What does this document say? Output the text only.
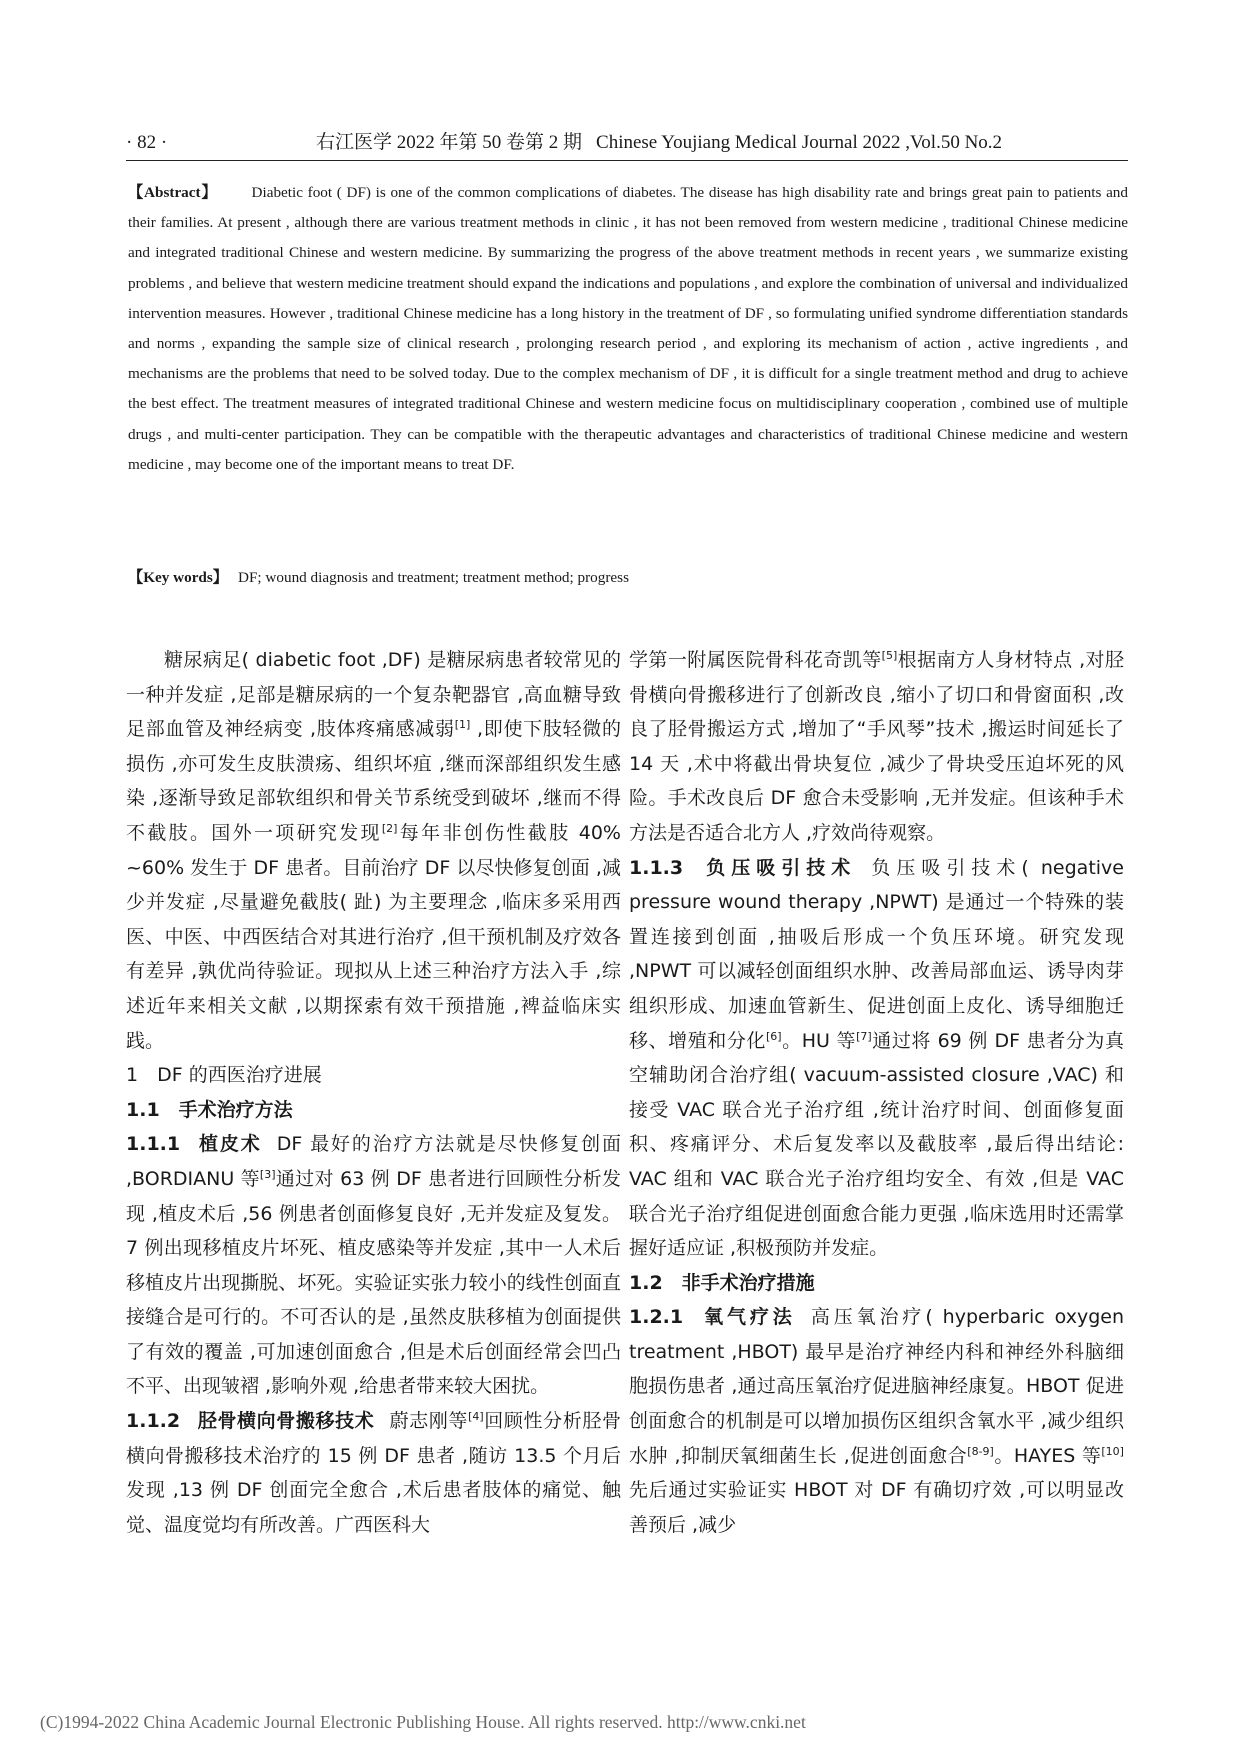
· 82 ·	右江医学 2022 年第 50 卷第 2 期 Chinese Youjiang Medical Journal 2022 ,Vol.50 No.2
【Abstract】 Diabetic foot ( DF) is one of the common complications of diabetes. The disease has high disability rate and brings great pain to patients and their families. At present , although there are various treatment methods in clinic , it has not been removed from western medicine , traditional Chinese medicine and integrated traditional Chinese and western medicine. By summarizing the progress of the above treatment methods in recent years , we summarize existing problems , and believe that western medicine treatment should expand the indications and populations , and explore the combination of universal and individualized intervention measures. However , traditional Chinese medicine has a long history in the treatment of DF , so formulating unified syndrome differentiation standards and norms , expanding the sample size of clinical research , prolonging research period , and exploring its mechanism of action , active ingredients , and mechanisms are the problems that need to be solved today. Due to the complex mechanism of DF , it is difficult for a single treatment method and drug to achieve the best effect. The treatment measures of integrated traditional Chinese and western medicine focus on multidisciplinary cooperation , combined use of multiple drugs , and multi-center participation. They can be compatible with the therapeutic advantages and characteristics of traditional Chinese medicine and western medicine , may become one of the important means to treat DF.
【Key words】 DF; wound diagnosis and treatment; treatment method; progress

糖尿病足( diabetic foot ,DF) 是糖尿病患者较常见的一种并发症 ,足部是糖尿病的一个复杂靶器官 ,高血糖导致足部血管及神经病变 ,肢体疼痛感减弱[1] ,即使下肢轻微的损伤 ,亦可发生皮肤溃疡、组织坏疽 ,继而深部组织发生感染 ,逐渐导致足部软组织和骨关节系统受到破坏 ,继而不得不截肢。国外一项研究发现[2]每年非创伤性截肢 40% ~60% 发生于 DF 患者。目前治疗 DF 以尽快修复创面 ,减少并发症 ,尽量避免截肢( 趾) 为主要理念 ,临床多采用西医、中医、中西医结合对其进行治疗 ,但干预机制及疗效各有差异 ,孰优尚待验证。现拟从上述三种治疗方法入手 ,综述近年来相关文献 ,以期探索有效干预措施 ,裨益临床实践。

1 DF 的西医治疗进展

1.1 手术治疗方法

1.1.1 植皮术 DF 最好的治疗方法就是尽快修复创面 ,BORDIANU 等[3]通过对 63 例 DF 患者进行回顾性分析发现 ,植皮术后 ,56 例患者创面修复良好 ,无并发症及复发。7 例出现移植皮片坏死、植皮感染等并发症 ,其中一人术后移植皮片出现撕脱、坏死。实验证实张力较小的线性创面直接缝合是可行的。不可否认的是 ,虽然皮肤移植为创面提供了有效的覆盖 ,可加速创面愈合 ,但是术后创面经常会凹凸不平、出现皱褶 ,影响外观 ,给患者带来较大困扰。

1.1.2 胫骨横向骨搬移技术 蔚志刚等[4]回顾性分析胫骨横向骨搬移技术治疗的 15 例 DF 患者 ,随访 13.5 个月后发现 ,13 例 DF 创面完全愈合 ,术后患者肢体的痛觉、触觉、温度觉均有所改善。广西医科大

学第一附属医院骨科花奇凯等[5]根据南方人身材特点 ,对胫骨横向骨搬移进行了创新改良 ,缩小了切口和骨窗面积 ,改良了胫骨搬运方式 ,增加了“手风琴”技术 ,搬运时间延长了 14 天 ,术中将截出骨块复位 ,减少了骨块受压迫坏死的风险。手术改良后 DF 愈合未受影响 ,无并发症。但该种手术方法是否适合北方人 ,疗效尚待观察。

1.1.3 负压吸引技术 负压吸引技术( negative pressure wound therapy ,NPWT) 是通过一个特殊的装置连接到创面 ,抽吸后形成一个负压环境。研究发现 ,NPWT 可以减轻创面组织水肿、改善局部血运、诱导肉芽组织形成、加速血管新生、促进创面上皮化、诱导细胞迁移、增殖和分化[6]。HU 等[7]通过将 69 例 DF 患者分为真空辅助闭合治疗组( vacuum-assisted closure ,VAC) 和接受 VAC 联合光子治疗组 ,统计治疗时间、创面修复面积、疼痛评分、术后复发率以及截肢率 ,最后得出结论: VAC 组和 VAC 联合光子治疗组均安全、有效 ,但是 VAC 联合光子治疗组促进创面愈合能力更强 ,临床选用时还需掌握好适应证 ,积极预防并发症。

1.2 非手术治疗措施

1.2.1 氧气疗法 高压氧治疗( hyperbaric oxygen treatment ,HBOT) 最早是治疗神经内科和神经外科脑细胞损伤患者 ,通过高压氧治疗促进脑神经康复。HBOT 促进创面愈合的机制是可以增加损伤区组织含氧水平 ,减少组织水肿 ,抑制厌氧细菌生长 ,促进创面愈合[8-9]。HAYES 等[10]先后通过实验证实 HBOT 对 DF 有确切疗效 ,可以明显改善预后 ,减少

(C)1994-2022 China Academic Journal Electronic Publishing House. All rights reserved. http://www.cnki.net
